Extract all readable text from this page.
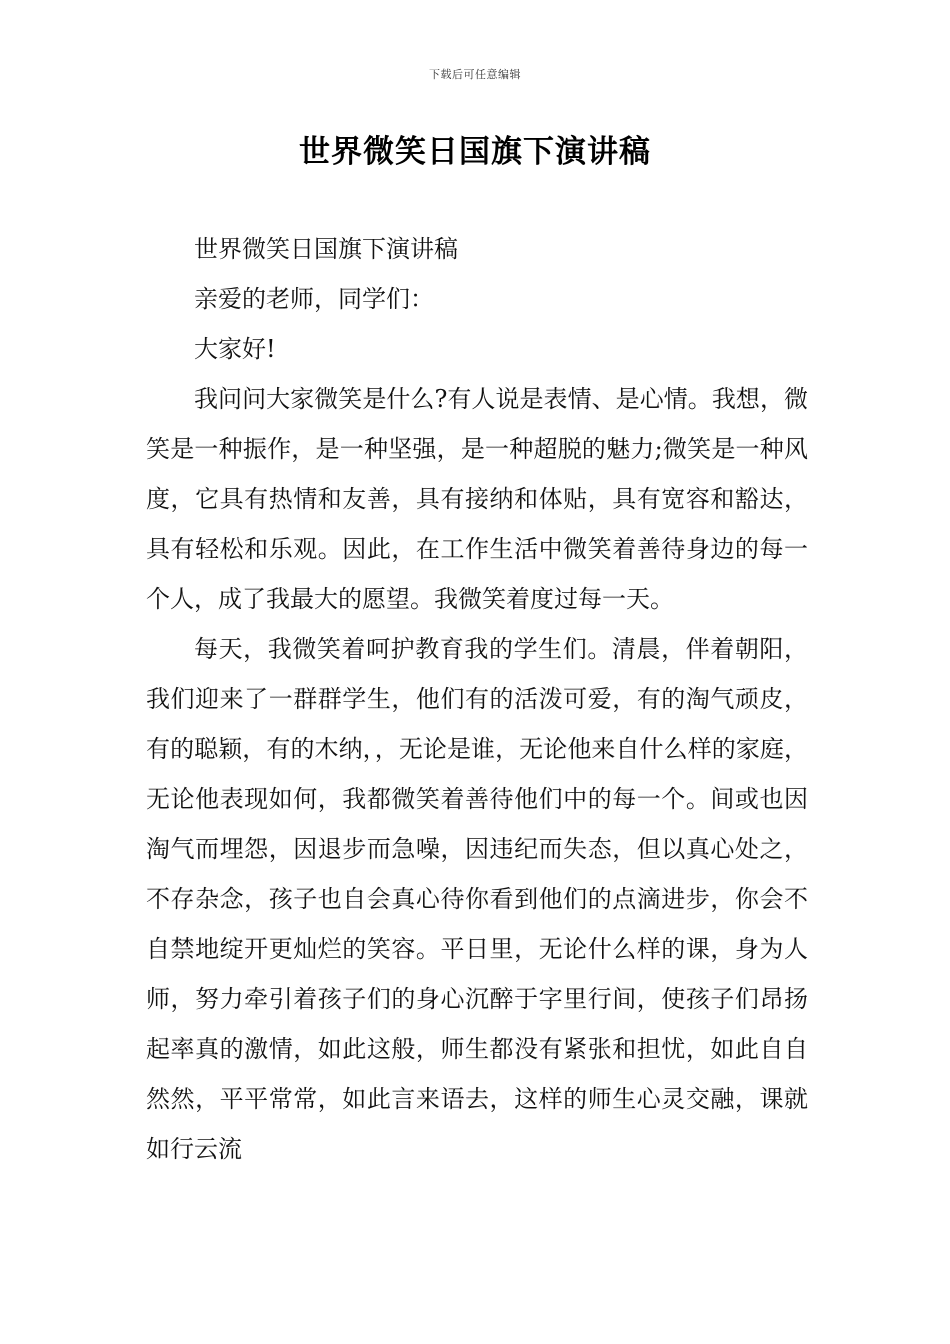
下载后可任意编辑
世界微笑日国旗下演讲稿

世界微笑日国旗下演讲稿

亲爱的老师，同学们：

大家好!

我问问大家微笑是什么?有人说是表情、是心情。我想，微笑是一种振作，是一种坚强，是一种超脱的魅力;微笑是一种风度，它具有热情和友善，具有接纳和体贴，具有宽容和豁达，具有轻松和乐观。因此，在工作生活中微笑着善待身边的每一个人，成了我最大的愿望。我微笑着度过每一天。

每天，我微笑着呵护教育我的学生们。清晨，伴着朝阳，我们迎来了一群群学生，他们有的活泼可爱，有的淘气顽皮，有的聪颖，有的木纳，，无论是谁，无论他来自什么样的家庭，无论他表现如何，我都微笑着善待他们中的每一个。间或也因淘气而埋怨，因退步而急噪，因违纪而失态，但以真心处之，不存杂念，孩子也自会真心待你看到他们的点滴进步，你会不自禁地绽开更灿烂的笑容。平日里，无论什么样的课，身为人师，努力牵引着孩子们的身心沉醉于字里行间，使孩子们昂扬起率真的激情，如此这般，师生都没有紧张和担忧，如此自自然然，平平常常，如此言来语去，这样的师生心灵交融，课就如行云流
